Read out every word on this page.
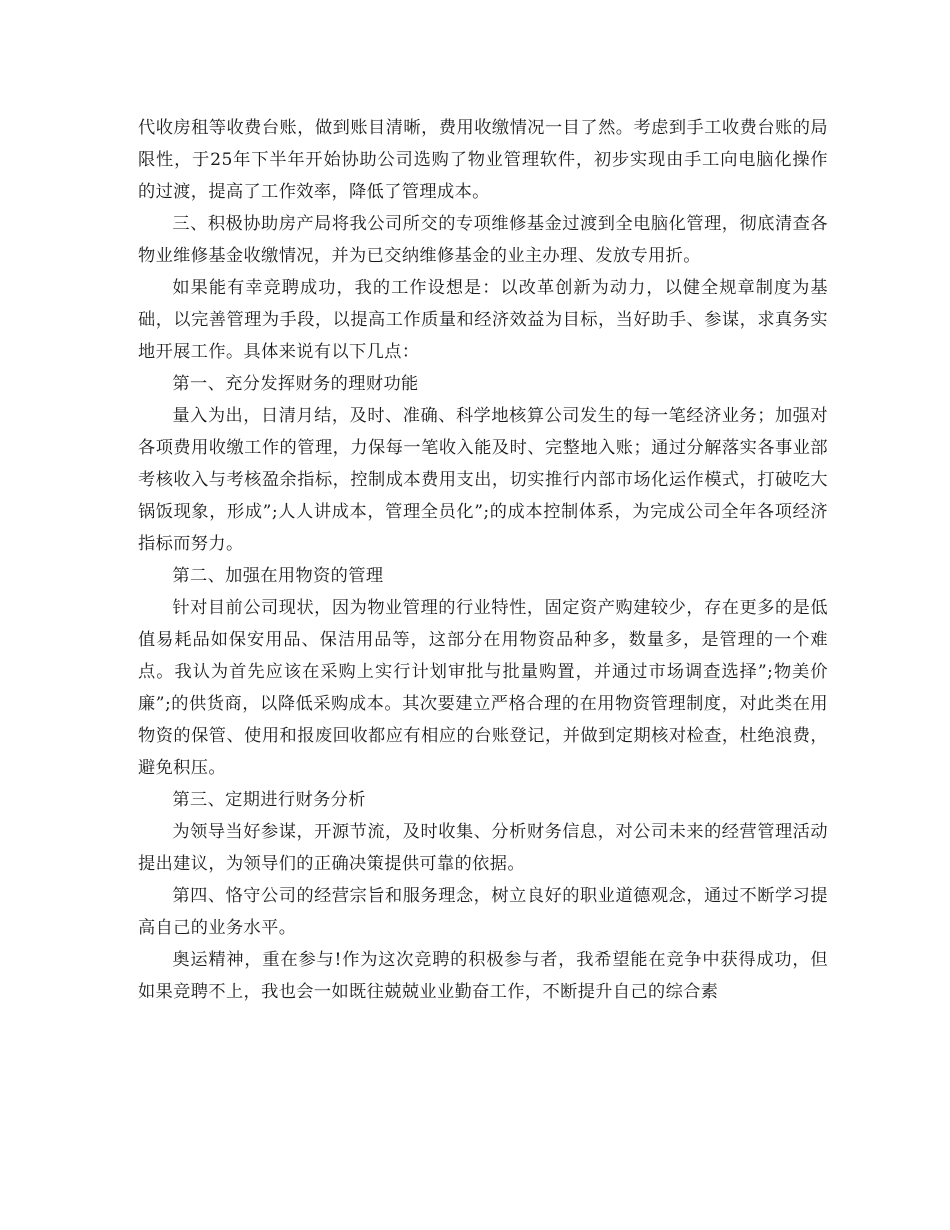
代收房租等收费台账，做到账目清晰，费用收缴情况一目了然。考虑到手工收费台账的局限性，于25年下半年开始协助公司选购了物业管理软件，初步实现由手工向电脑化操作的过渡，提高了工作效率，降低了管理成本。

三、积极协助房产局将我公司所交的专项维修基金过渡到全电脑化管理，彻底清查各物业维修基金收缴情况，并为已交纳维修基金的业主办理、发放专用折。

如果能有幸竞聘成功，我的工作设想是：以改革创新为动力，以健全规章制度为基础，以完善管理为手段，以提高工作质量和经济效益为目标，当好助手、参谋，求真务实地开展工作。具体来说有以下几点：

第一、充分发挥财务的理财功能

量入为出，日清月结，及时、准确、科学地核算公司发生的每一笔经济业务；加强对各项费用收缴工作的管理，力保每一笔收入能及时、完整地入账；通过分解落实各事业部考核收入与考核盈余指标，控制成本费用支出，切实推行内部市场化运作模式，打破吃大锅饭现象，形成”;人人讲成本，管理全员化”;的成本控制体系，为完成公司全年各项经济指标而努力。

第二、加强在用物资的管理

针对目前公司现状，因为物业管理的行业特性，固定资产购建较少，存在更多的是低值易耗品如保安用品、保洁用品等，这部分在用物资品种多，数量多，是管理的一个难点。我认为首先应该在采购上实行计划审批与批量购置，并通过市场调查选择”;物美价廉”;的供货商，以降低采购成本。其次要建立严格合理的在用物资管理制度，对此类在用物资的保管、使用和报废回收都应有相应的台账登记，并做到定期核对检查，杜绝浪费，避免积压。

第三、定期进行财务分析

为领导当好参谋，开源节流，及时收集、分析财务信息，对公司未来的经营管理活动提出建议，为领导们的正确决策提供可靠的依据。

第四、恪守公司的经营宗旨和服务理念，树立良好的职业道德观念，通过不断学习提高自己的业务水平。

奥运精神，重在参与!作为这次竞聘的积极参与者，我希望能在竞争中获得成功，但如果竞聘不上，我也会一如既往兢兢业业勤奋工作，不断提升自己的综合素
